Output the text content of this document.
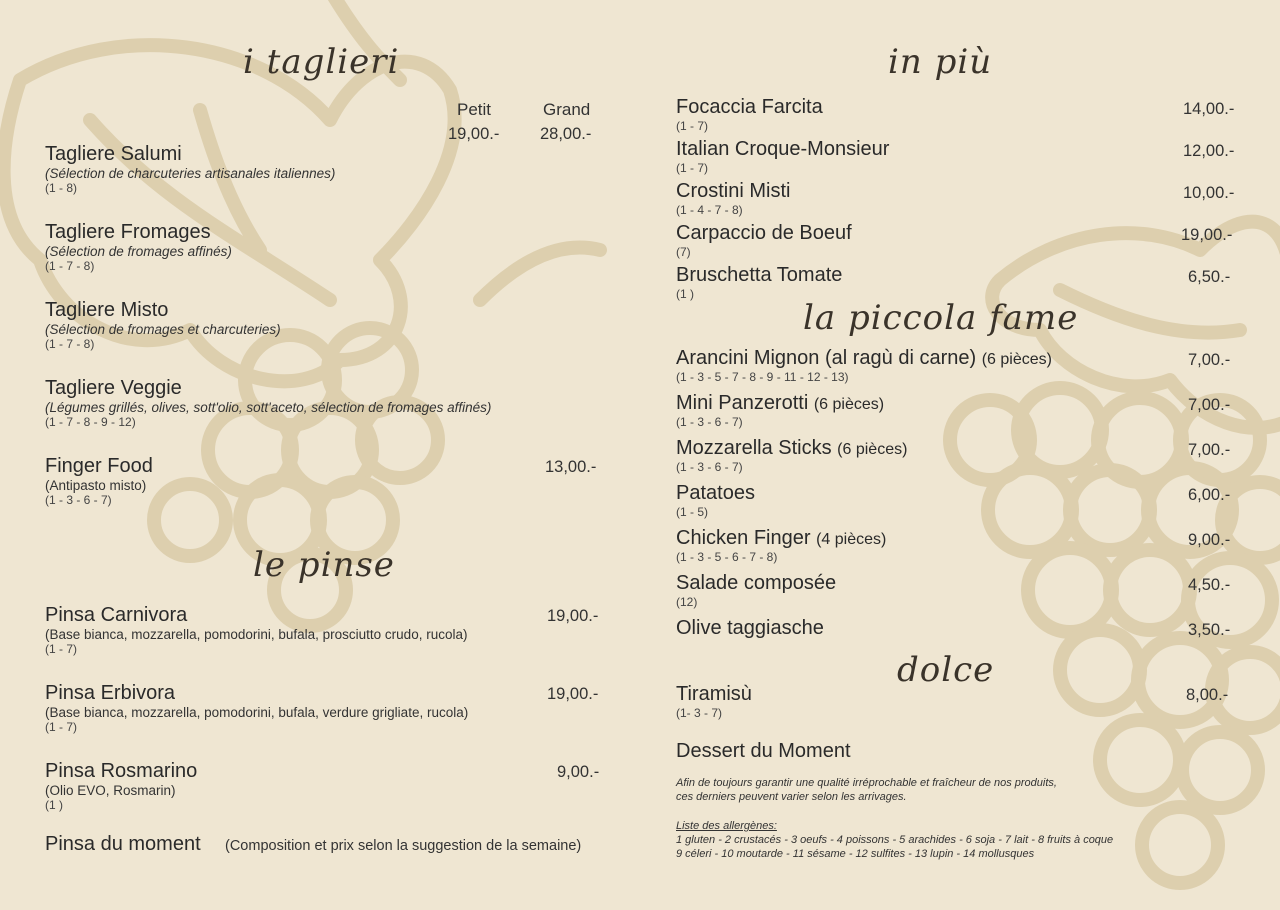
i taglieri
Petit	Grand
19,00.- 28,00.-
Tagliere Salumi
(Sélection de charcuteries artisanales italiennes)
(1 - 8)
Tagliere Fromages
(Sélection de fromages affinés)
(1 - 7 - 8)
Tagliere Misto
(Sélection de fromages et charcuteries)
(1 - 7 - 8)
Tagliere Veggie
(Légumes grillés, olives, sott'olio, sott'aceto, sélection de fromages affinés)
(1 - 7 - 8 - 9 - 12)
Finger Food
(Antipasto misto)
(1 - 3 - 6 - 7)
13,00.-
le pinse
Pinsa Carnivora
(Base bianca, mozzarella, pomodorini, bufala, prosciutto crudo, rucola)
(1 - 7)
19,00.-
Pinsa Erbivora
(Base bianca, mozzarella, pomodorini, bufala, verdure grigliate, rucola)
(1 - 7)
19,00.-
Pinsa Rosmarino
(Olio EVO, Rosmarin)
(1 )
9,00.-
Pinsa du moment (Composition et prix selon la suggestion de la semaine)
in più
Focaccia Farcita
(1 - 7)
14,00.-
Italian Croque-Monsieur
(1 - 7)
12,00.-
Crostini Misti
(1 - 4 - 7 - 8)
10,00.-
Carpaccio de Boeuf
(7)
19,00.-
Bruschetta Tomate
(1 )
6,50.-
la piccola fame
Arancini Mignon (al ragù di carne) (6 pièces)
(1 - 3 - 5 - 7 - 8 - 9 - 11 - 12 - 13)
7,00.-
Mini Panzerotti (6 pièces)
(1 - 3 - 6 - 7)
7,00.-
Mozzarella Sticks (6 pièces)
(1 - 3 - 6 - 7)
7,00.-
Patatoes
(1 - 5)
6,00.-
Chicken Finger (4 pièces)
(1 - 3 - 5 - 6 - 7 - 8)
9,00.-
Salade composée
(12)
4,50.-
Olive taggiasche	3,50.-
dolce
Tiramisù
(1- 3 - 7)
8,00.-
Dessert du Moment
Afin de toujours garantir une qualité irréprochable et fraîcheur de nos produits,
ces derniers peuvent varier selon les arrivages.
Liste des allergènes:
1 gluten - 2 crustacés - 3 oeufs - 4 poissons - 5 arachides - 6 soja - 7 lait - 8 fruits à coque
9 céleri - 10 moutarde - 11 sésame - 12 sulfites - 13 lupin - 14 mollusques
